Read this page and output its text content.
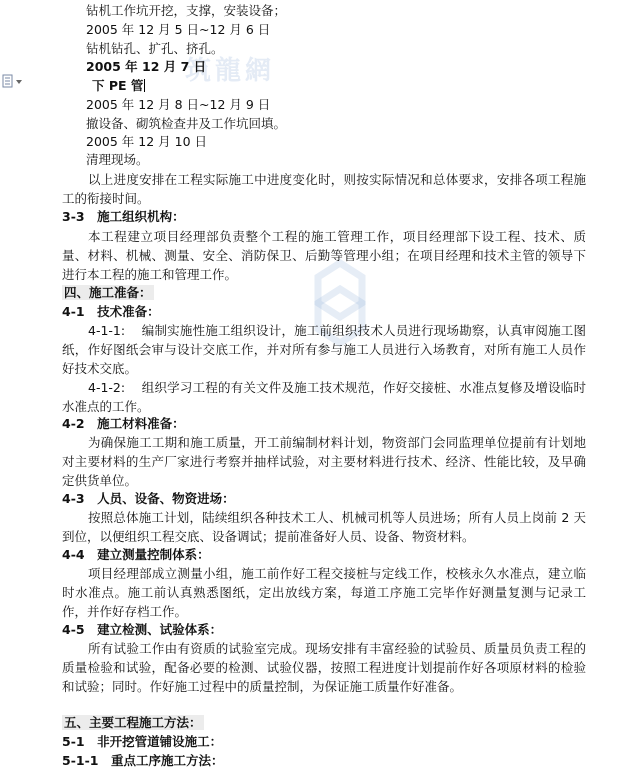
筑龍網
钻机工作坑开挖，支撑，安装设备；
2005 年 12 月 5 日~12 月 6 日
钻机钻孔、扩孔、挤孔。
2005 年 12 月 7 日
下 PE 管
2005 年 12 月 8 日~12 月 9 日
撤设备、砌筑检查井及工作坑回填。
2005 年 12 月 10 日
清理现场。
以上进度安排在工程实际施工中进度变化时，则按实际情况和总体要求，安排各项工程施工的衔接时间。
3-3　施工组织机构：
本工程建立项目经理部负责整个工程的施工管理工作，项目经理部下设工程、技术、质量、材料、机械、测量、安全、消防保卫、后勤等管理小组；在项目经理和技术主管的领导下进行本工程的施工和管理工作。
四、施工准备：
4-1　技术准备：
4-1-1: 编制实施性施工组织设计，施工前组织技术人员进行现场勘察，认真审阅施工图纸，作好图纸会审与设计交底工作，并对所有参与施工人员进行入场教育，对所有施工人员作好技术交底。
4-1-2: 组织学习工程的有关文件及施工技术规范，作好交接桩、水准点复修及增设临时水准点的工作。
4-2　施工材料准备：
为确保施工工期和施工质量，开工前编制材料计划，物资部门会同监理单位提前有计划地对主要材料的生产厂家进行考察并抽样试验，对主要材料进行技术、经济、性能比较，及早确定供货单位。
4-3　人员、设备、物资进场：
按照总体施工计划，陆续组织各种技术工人、机械司机等人员进场；所有人员上岗前 2 天到位，以便组织工程交底、设备调试；提前准备好人员、设备、物资材料。
4-4　建立测量控制体系：
项目经理部成立测量小组，施工前作好工程交接桩与定线工作，校核永久水准点，建立临时水准点。施工前认真熟悉图纸，定出放线方案，每道工序施工完毕作好测量复测与记录工作，并作好存档工作。
4-5　建立检测、试验体系：
所有试验工作由有资质的试验室完成。现场安排有丰富经验的试验员、质量员负责工程的质量检验和试验，配备必要的检测、试验仪器，按照工程进度计划提前作好各项原材料的检验和试验；同时。作好施工过程中的质量控制，为保证施工质量作好准备。
五、主要工程施工方法：
5-1　非开挖管道铺设施工：
5-1-1　重点工序施工方法：
